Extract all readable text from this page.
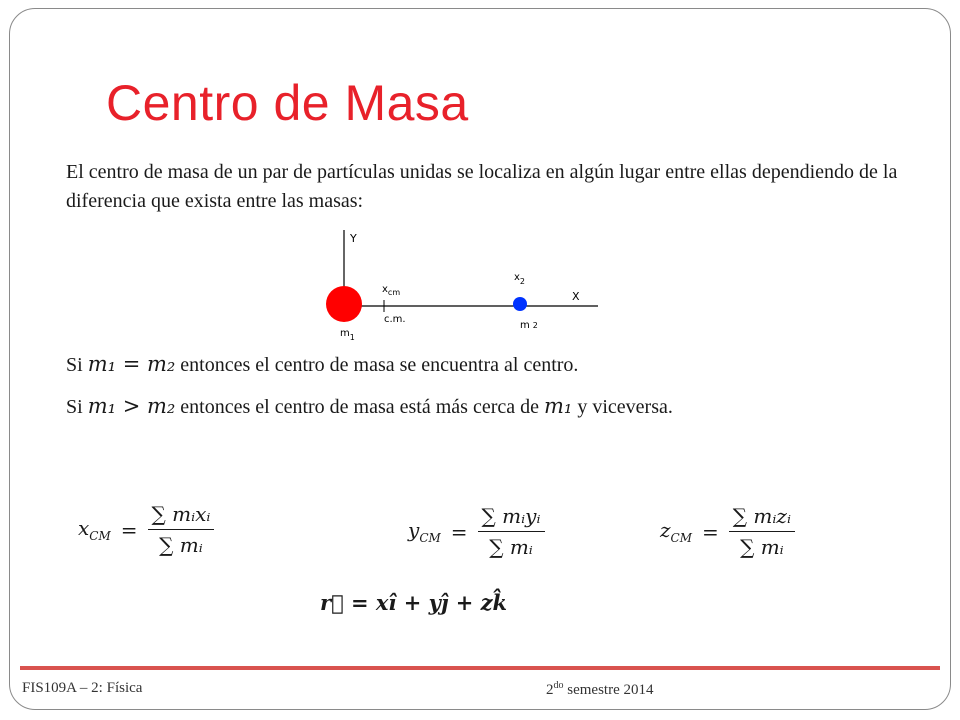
Centro de Masa
El centro de masa de un par de partículas unidas se localiza en algún lugar entre ellas dependiendo de la diferencia que exista entre las masas:
Y
X
$x_{cm}$
c.m.
$x_2$
$m_1$
m 2
Si m₁ = m₂ entonces el centro de masa se encuentra al centro.
Si m₁ > m₂ entonces el centro de masa está más cerca de m₁ y viceversa.
$x_{CM} = \frac{\text{∑ mᵢxᵢ}}{\text{∑ mᵢ}}$	$y_{CM} = \frac{\text{∑ mᵢyᵢ}}{\text{∑ mᵢ}}$	$z_{CM} = \frac{\text{∑ mᵢzᵢ}}{\text{∑ mᵢ}}$
r⃗ = xî + yĵ + zk̂
FIS109A – 2: Física	$2^{do}$ semestre 2014
